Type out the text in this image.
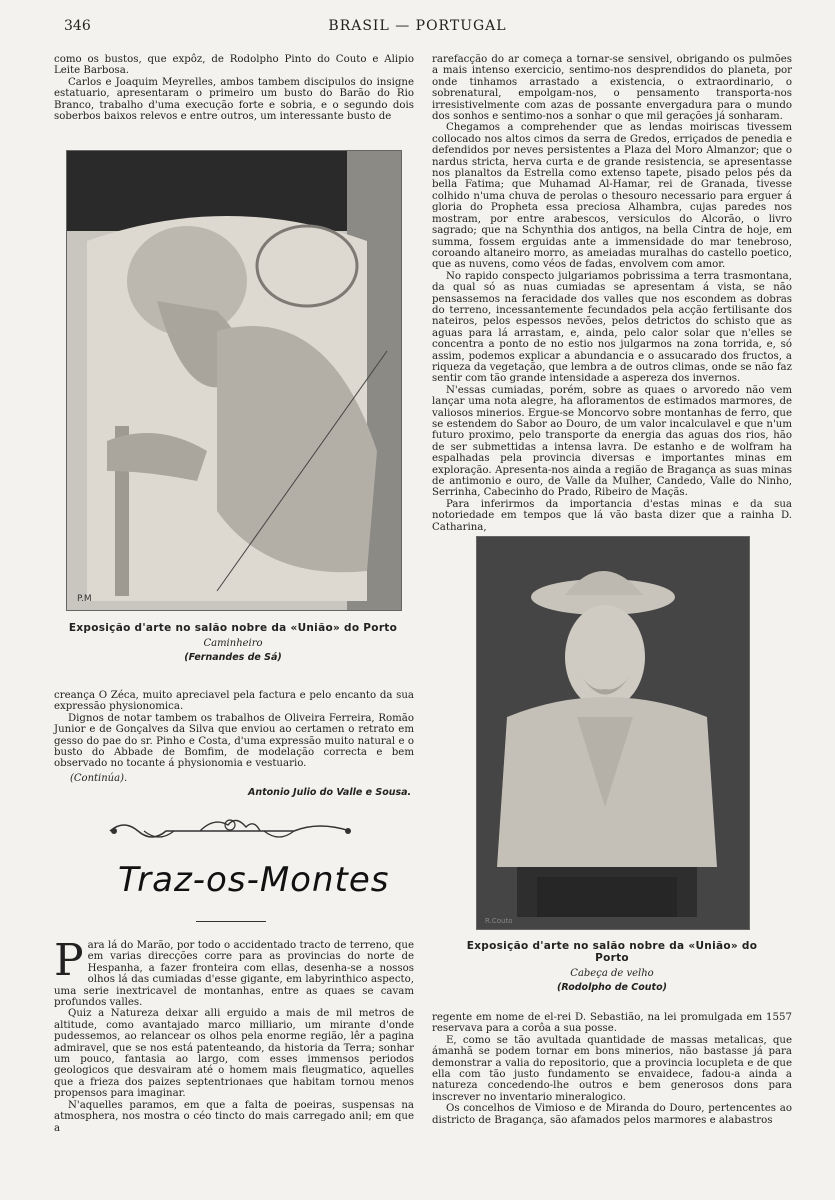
346	BRASIL — PORTUGAL

como os bustos, que expôz, de Rodolpho Pinto do Couto e Alipio Leite Barbosa.

Carlos e Joaquim Meyrelles, ambos tambem discipulos do insigne estatuario, apresentaram o primeiro um busto do Barão do Rio Branco, trabalho d'uma execução forte e sobria, e o segundo dois soberbos baixos relevos e entre outros, um interessante busto de

P.M
Exposição d'arte no salão nobre da «União» do Porto
Caminheiro
(Fernandes de Sá)

creança O Zéca, muito apreciavel pela factura e pelo encanto da sua expressão physionomica.

Dignos de notar tambem os trabalhos de Oliveira Ferreira, Romão Junior e de Gonçalves da Silva que enviou ao certamen o retrato em gesso do pae do sr. Pinho e Costa, d'uma expressão muito natural e o busto do Abbade de Bomfim, de modelação correcta e bem observado no tocante á physionomia e vestuario.

(Continúa).
Antonio Julio do Valle e Sousa.
Traz-os-Montes

P ara lá do Marão, por todo o accidentado tracto de terreno, que em varias direcções corre para as provincias do norte de Hespanha, a fazer fronteira com ellas, desenha-se a nossos olhos lá das cumiadas d'esse gigante, em labyrinthico aspecto, uma serie inextricavel de montanhas, entre as quaes se cavam profundos valles.

Quiz a Natureza deixar alli erguido a mais de mil metros de altitude, como avantajado marco milliario, um mirante d'onde pudessemos, ao relancear os olhos pela enorme região, lêr a pagina admiravel, que se nos está patenteando, da historia da Terra; sonhar um pouco, fantasia ao largo, com esses immensos periodos geologicos que desvairam até o homem mais fleugmatico, aquelles que a frieza dos paizes septentrionaes que habitam tornou menos propensos para imaginar.

N'aquelles paramos, em que a falta de poeiras, suspensas na atmosphera, nos mostra o céo tincto do mais carregado anil; em que a

rarefacção do ar começa a tornar-se sensivel, obrigando os pulmões a mais intenso exercicio, sentimo-nos desprendidos do planeta, por onde tinhamos arrastado a existencia, o extraordinario, o sobrenatural, empolgam-nos, o pensamento transporta-nos irresistivelmente com azas de possante envergadura para o mundo dos sonhos e sentimo-nos a sonhar o que mil gerações já sonharam.

Chegamos a comprehender que as lendas moiriscas tivessem collocado nos altos cimos da serra de Gredos, erriçados de penedia e defendidos por neves persistentes a Plaza del Moro Almanzor; que o nardus stricta, herva curta e de grande resistencia, se apresentasse nos planaltos da Estrella como extenso tapete, pisado pelos pés da bella Fatima; que Muhamad Al-Hamar, rei de Granada, tivesse colhido n'uma chuva de perolas o thesouro necessario para erguer á gloria do Propheta essa preciosa Alhambra, cujas paredes nos mostram, por entre arabescos, versiculos do Alcorão, o livro sagrado; que na Schynthia dos antigos, na bella Cintra de hoje, em summa, fossem erguidas ante a immensidade do mar tenebroso, coroando altaneiro morro, as ameiadas muralhas do castello poetico, que as nuvens, como véos de fadas, envolvem com amor.

No rapido conspecto julgariamos pobrissima a terra trasmontana, da qual só as nuas cumiadas se apresentam á vista, se não pensassemos na feracidade dos valles que nos escondem as dobras do terreno, incessantemente fecundados pela acção fertilisante dos nateiros, pelos espessos nevões, pelos detrictos do schisto que as aguas para lá arrastam, e, ainda, pelo calor solar que n'elles se concentra a ponto de no estio nos julgarmos na zona torrida, e, só assim, podemos explicar a abundancia e o assucarado dos fructos, a riqueza da vegetação, que lembra a de outros climas, onde se não faz sentir com tão grande intensidade a aspereza dos invernos.

N'essas cumiadas, porém, sobre as quaes o arvoredo não vem lançar uma nota alegre, ha afloramentos de estimados marmores, de valiosos minerios. Ergue-se Moncorvo sobre montanhas de ferro, que se estendem do Sabor ao Douro, de um valor incalculavel e que n'um futuro proximo, pelo transporte da energia das aguas dos rios, hão de ser submettidas a intensa lavra. De estanho e de wolfram ha espalhadas pela provincia diversas e importantes minas em exploração. Apresenta-nos ainda a região de Bragança as suas minas de antimonio e ouro, de Valle da Mulher, Candedo, Valle do Ninho, Serrinha, Cabecinho do Prado, Ribeiro de Maçãs.

Para inferirmos da importancia d'estas minas e da sua notoriedade em tempos que lá vão basta dizer que a rainha D. Catharina,

R.Couto
Exposição d'arte no salão nobre da «União» do Porto
Cabeça de velho
(Rodolpho de Couto)

regente em nome de el-rei D. Sebastião, na lei promulgada em 1557 reservava para a corôa a sua posse.

E, como se tão avultada quantidade de massas metalicas, que ámanhã se podem tornar em bons minerios, não bastasse já para demonstrar a valia do repositorio, que a provincia locupleta e de que ella com tão justo fundamento se envaidece, fadou-a ainda a natureza concedendo-lhe outros e bem generosos dons para inscrever no inventario mineralogico.

Os concelhos de Vimioso e de Miranda do Douro, pertencentes ao districto de Bragança, são afamados pelos marmores e alabastros
